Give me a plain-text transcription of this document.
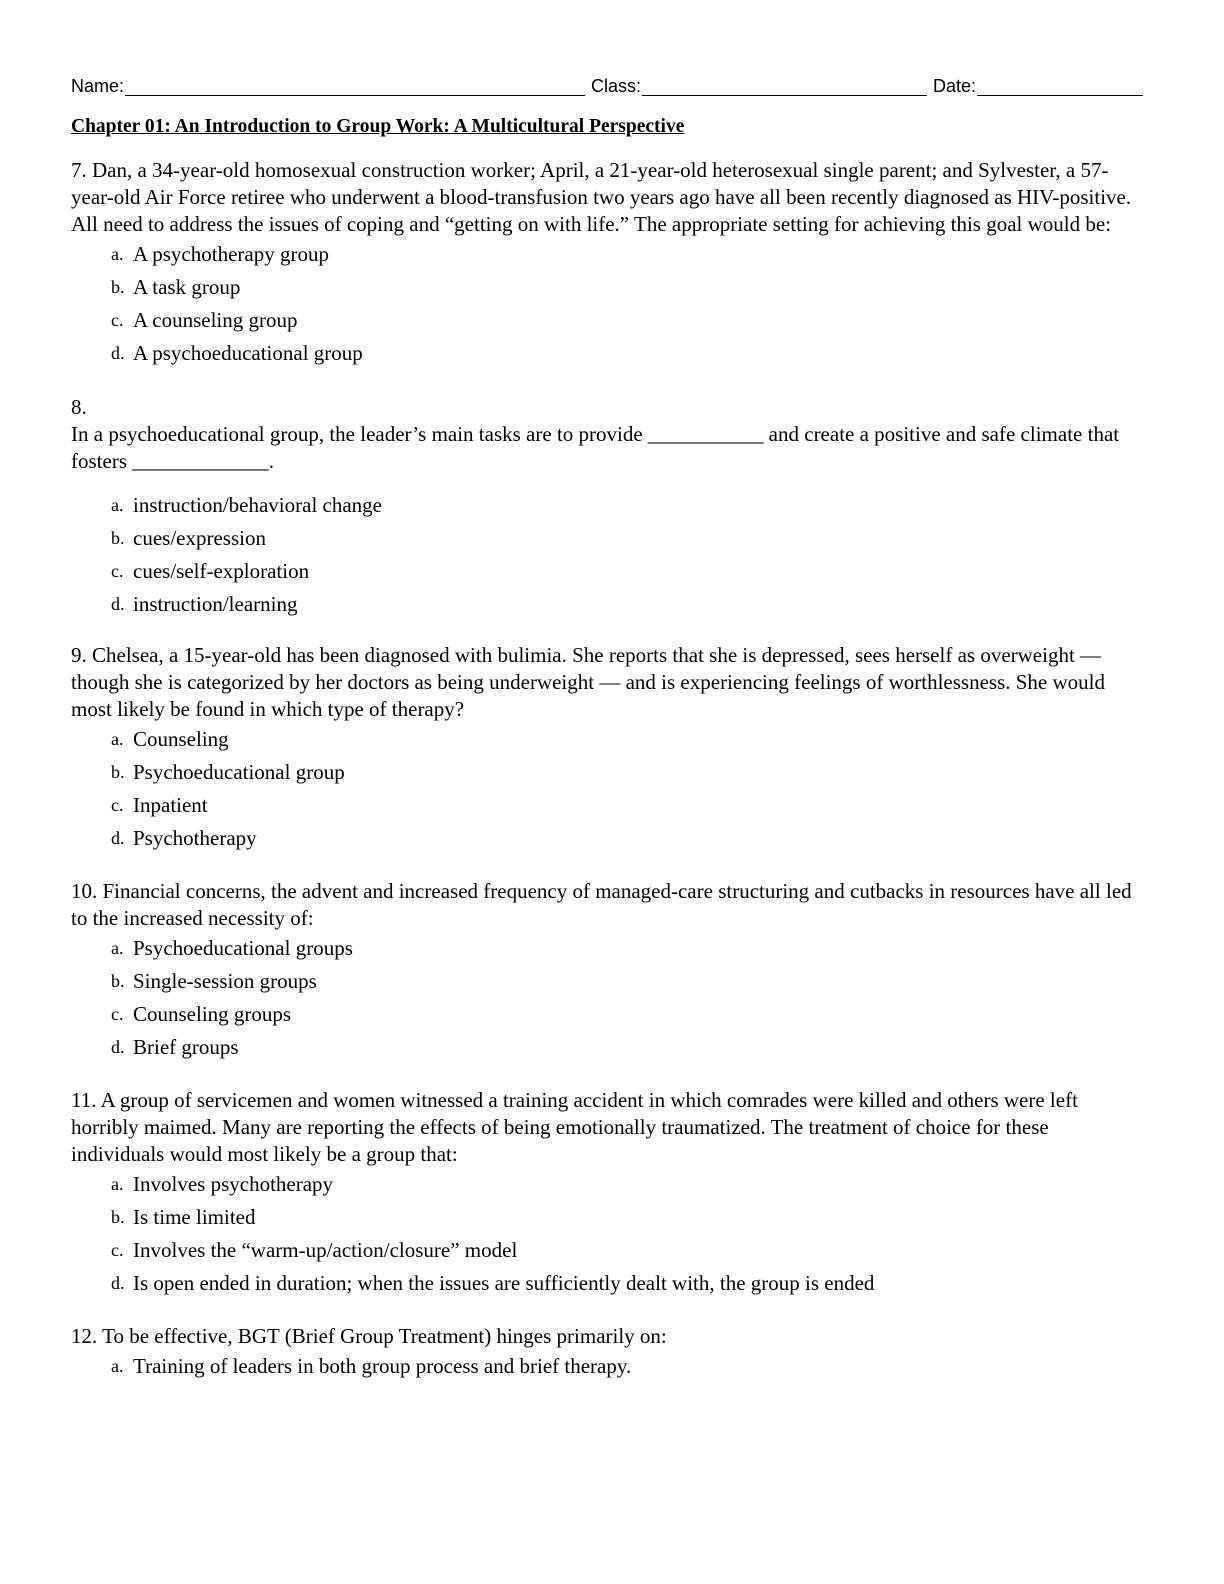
Name:	Class:	Date:
Chapter 01: An Introduction to Group Work: A Multicultural Perspective

7. Dan, a 34-year-old homosexual construction worker; April, a 21-year-old heterosexual single parent; and Sylvester, a 57-year-old Air Force retiree who underwent a blood-transfusion two years ago have all been recently diagnosed as HIV-positive. All need to address the issues of coping and “getting on with life.” The appropriate setting for achieving this goal would be:

a. A psychotherapy group
b. A task group
c. A counseling group
d. A psychoeducational group

8.
In a psychoeducational group, the leader’s main tasks are to provide ___________ and create a positive and safe climate that fosters _____________.

a. instruction/behavioral change
b. cues/expression
c. cues/self-exploration
d. instruction/learning

9. Chelsea, a 15-year-old has been diagnosed with bulimia. She reports that she is depressed, sees herself as overweight — though she is categorized by her doctors as being underweight — and is experiencing feelings of worthlessness. She would most likely be found in which type of therapy?

a. Counseling
b. Psychoeducational group
c. Inpatient
d. Psychotherapy

10. Financial concerns, the advent and increased frequency of managed-care structuring and cutbacks in resources have all led to the increased necessity of:

a. Psychoeducational groups
b. Single-session groups
c. Counseling groups
d. Brief groups

11. A group of servicemen and women witnessed a training accident in which comrades were killed and others were left horribly maimed. Many are reporting the effects of being emotionally traumatized. The treatment of choice for these individuals would most likely be a group that:

a. Involves psychotherapy
b. Is time limited
c. Involves the “warm-up/action/closure” model
d. Is open ended in duration; when the issues are sufficiently dealt with, the group is ended

12. To be effective, BGT (Brief Group Treatment) hinges primarily on:

a. Training of leaders in both group process and brief therapy.
